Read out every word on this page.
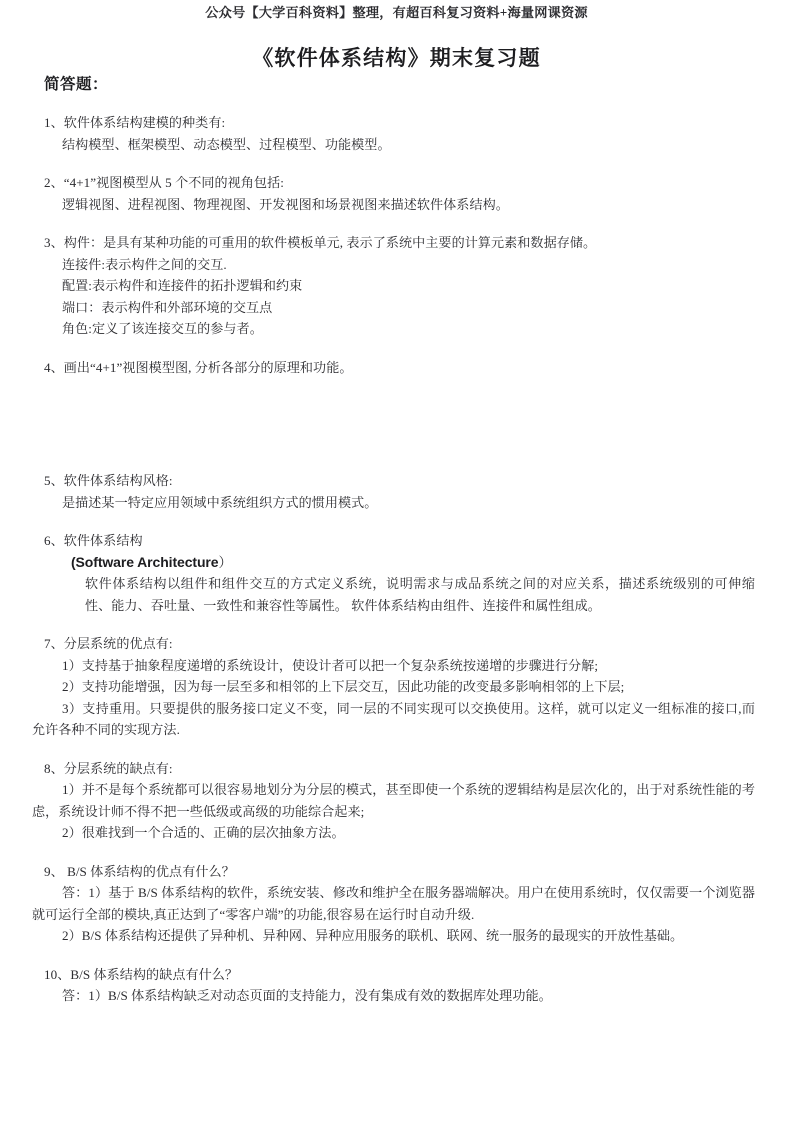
公众号【大学百科资料】整理，有超百科复习资料+海量网课资源
《软件体系结构》期末复习题
简答题：
1、软件体系结构建模的种类有:
结构模型、框架模型、动态模型、过程模型、功能模型。
2、“4+1”视图模型从 5 个不同的视角包括:
逻辑视图、进程视图、物理视图、开发视图和场景视图来描述软件体系结构。
3、构件：是具有某种功能的可重用的软件模板单元, 表示了系统中主要的计算元素和数据存储。
连接件:表示构件之间的交互.
配置:表示构件和连接件的拓扑逻辑和约束
端口：表示构件和外部环境的交互点
角色:定义了该连接交互的参与者。
4、画出“4+1”视图模型图, 分析各部分的原理和功能。
5、软件体系结构风格:
是描述某一特定应用领域中系统组织方式的惯用模式。
6、软件体系结构
(Software Architecture）
软件体系结构以组件和组件交互的方式定义系统，说明需求与成品系统之间的对应关系，描述系统级别的可伸缩性、能力、吞吐量、一致性和兼容性等属性。 软件体系结构由组件、连接件和属性组成。
7、分层系统的优点有:
1）支持基于抽象程度递增的系统设计，使设计者可以把一个复杂系统按递增的步骤进行分解;
2）支持功能增强，因为每一层至多和相邻的上下层交互，因此功能的改变最多影响相邻的上下层;
3）支持重用。只要提供的服务接口定义不变，同一层的不同实现可以交换使用。这样，就可以定义一组标准的接口,而允许各种不同的实现方法.
8、分层系统的缺点有:
1）并不是每个系统都可以很容易地划分为分层的模式，甚至即使一个系统的逻辑结构是层次化的，出于对系统性能的考虑，系统设计师不得不把一些低级或高级的功能综合起来;
2）很难找到一个合适的、正确的层次抽象方法。
9、 B/S 体系结构的优点有什么？
答：1）基于 B/S 体系结构的软件，系统安装、修改和维护全在服务器端解决。用户在使用系统时，仅仅需要一个浏览器就可运行全部的模块,真正达到了“零客户端”的功能,很容易在运行时自动升级.
2）B/S 体系结构还提供了异种机、异种网、异种应用服务的联机、联网、统一服务的最现实的开放性基础。
10、B/S 体系结构的缺点有什么？
答：1）B/S 体系结构缺乏对动态页面的支持能力，没有集成有效的数据库处理功能。
